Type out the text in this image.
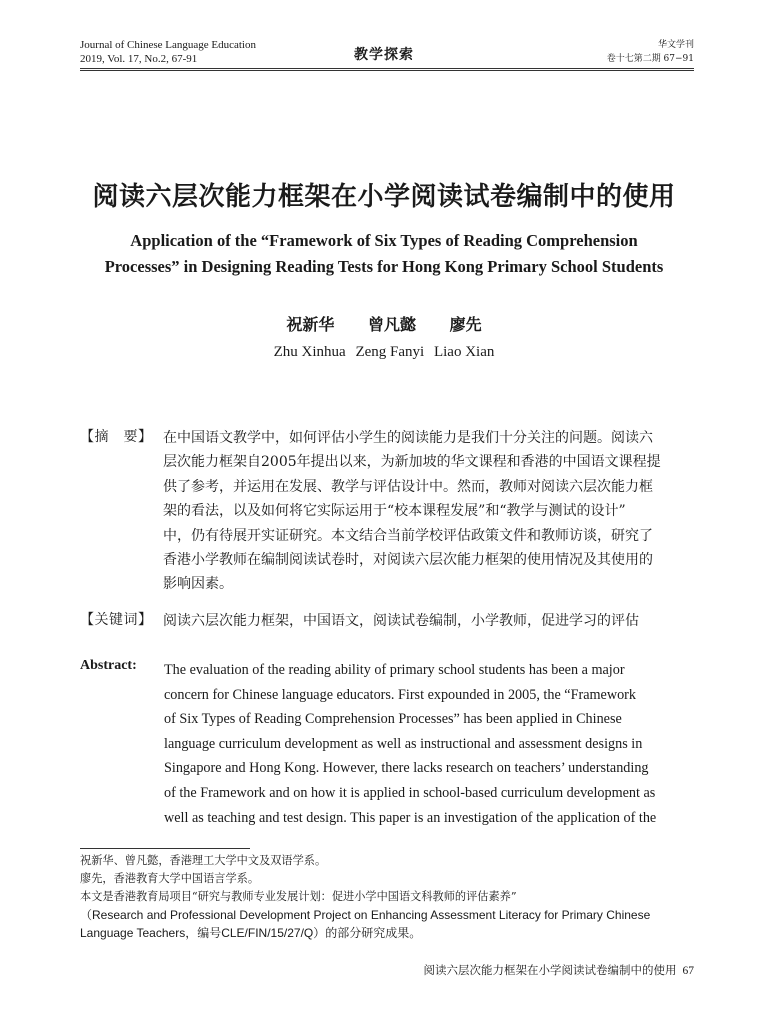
Journal of Chinese Language Education
2019, Vol. 17, No.2, 67-91	教学探索
华文学刊
卷十七第二期 67−91
阅读六层次能力框架在小学阅读试卷编制中的使用
Application of the “Framework of Six Types of Reading Comprehension
Processes” in Designing Reading Tests for Hong Kong Primary School Students
祝新华 曾凡懿 廖先
Zhu Xinhua Zeng Fanyi Liao Xian
【摘　要】 在中国语文教学中，如何评估小学生的阅读能力是我们十分关注的问题。阅读六
层次能力框架自2005年提出以来，为新加坡的华文课程和香港的中国语文课程提
供了参考，并运用在发展、教学与评估设计中。然而，教师对阅读六层次能力框
架的看法，以及如何将它实际运用于“校本课程发展”和“教学与测试的设计”
中，仍有待展开实证研究。本文结合当前学校评估政策文件和教师访谈，研究了
香港小学教师在编制阅读试卷时，对阅读六层次能力框架的使用情况及其使用的
影响因素。
【关键词】 阅读六层次能力框架，中国语文，阅读试卷编制，小学教师，促进学习的评估
Abstract: The evaluation of the reading ability of primary school students has been a major
concern for Chinese language educators. First expounded in 2005, the “Framework
of Six Types of Reading Comprehension Processes” has been applied in Chinese
language curriculum development as well as instructional and assessment designs in
Singapore and Hong Kong. However, there lacks research on teachers’ understanding
of the Framework and on how it is applied in school-based curriculum development as
well as teaching and test design. This paper is an investigation of the application of the
祝新华、曾凡懿，香港理工大学中文及双语学系。
廖先，香港教育大学中国语言学系。
本文是香港教育局项目“研究与教师专业发展计划：促进小学中国语文科教师的评估素养”
（Research and Professional Development Project on Enhancing Assessment Literacy for Primary Chinese
Language Teachers，编号CLE/FIN/15/27/Q）的部分研究成果。
阅读六层次能力框架在小学阅读试卷编制中的使用 67
